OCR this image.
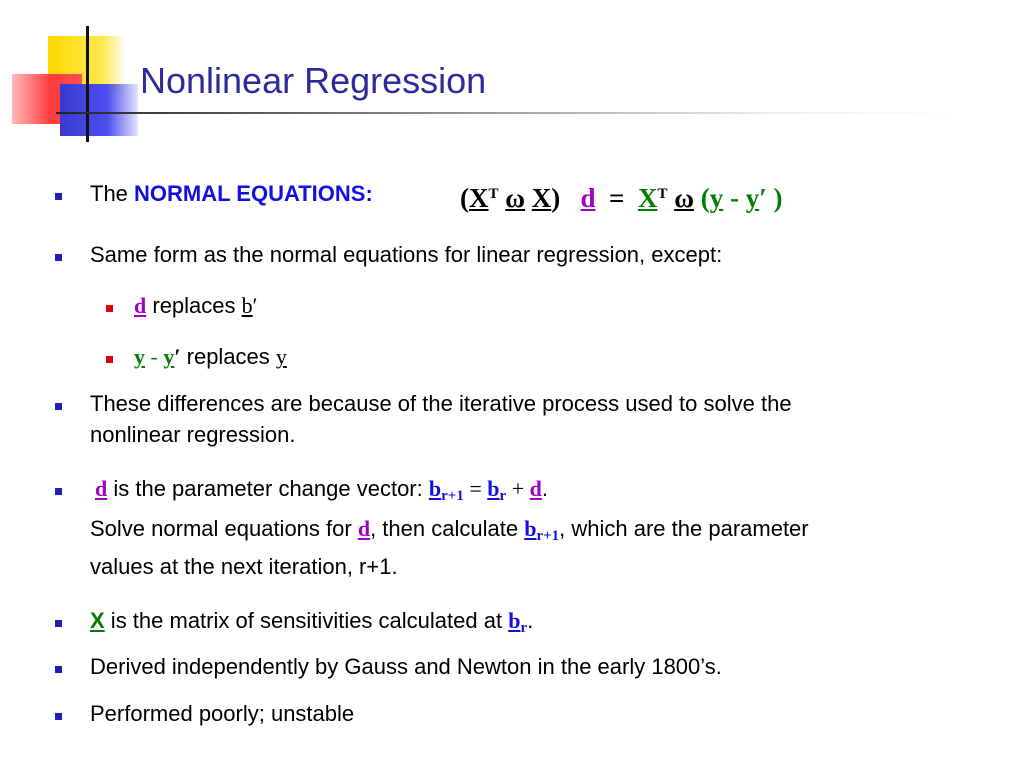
Nonlinear Regression
The NORMAL EQUATIONS:	($X^T$ ω X) $d = X^T$ ω (y - y′ )
Same form as the normal equations for linear regression, except:
d replaces b′
y - y′ replaces y
These differences are because of the iterative process used to solve the
nonlinear regression.
d is the parameter change vector: $b_{r+1} = b_r + d$.
Solve normal equations for d, then calculate $b_{r+1}$, which are the parameter
values at the next iteration, r+1.
X is the matrix of sensitivities calculated at $b_r$.
Derived independently by Gauss and Newton in the early 1800’s.
Performed poorly; unstable
